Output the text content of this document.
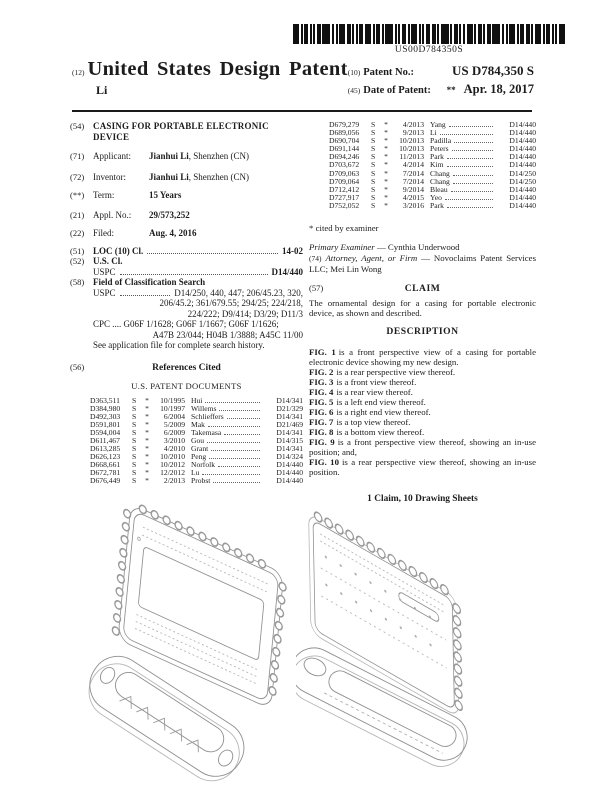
US00D784350S
(12) United States Design Patent
Li
(10) Patent No.:	US D784,350 S
(45) Date of Patent: ** Apr. 18, 2017
(54) CASING FOR PORTABLE ELECTRONIC DEVICE
(71) Applicant:	Jianhui Li, Shenzhen (CN)
(72) Inventor:	Jianhui Li, Shenzhen (CN)
(**) Term:	15 Years
(21) Appl. No.:	29/573,252
(22) Filed:	Aug. 4, 2016
(51) LOC (10) Cl.	14-02
(52) U.S. Cl.
USPC	D14/440
(58) Field of Classification Search
USPC	D14/250, 440, 447; 206/45.23, 320,
206/45.2; 361/679.55; 294/25; 224/218,
224/222; D9/414; D3/29; D11/3
CPC .... G06F 1/1628; G06F 1/1667; G06F 1/1626;
A47B 23/044; H04B 1/3888; A45C 11/00
See application file for complete search history.
(56)	References Cited
U.S. PATENT DOCUMENTS
D363,511	S	*	10/1995 Hui	D14/341
D384,980	S	*	10/1997 Willems	D21/329
D492,303	S	*	6/2004 Schlieffers	D14/341
D591,801	S	*	5/2009 Mak	D21/469
D594,004	S	*	6/2009 Takemasa	D14/341
D611,467	S	*	3/2010 Gou	D14/315
D613,285	S	*	4/2010 Grant	D14/341
D626,123	S	*	10/2010 Peng	D14/324
D668,661	S	*	10/2012 Norfolk	D14/440
D672,781	S	*	12/2012 Lu	D14/440
D676,449	S	*	2/2013 Probst	D14/440
D679,279	S	*	4/2013 Yang	D14/440
D689,056	S	*	9/2013 Li	D14/440
D690,704	S	*	10/2013 Padilla	D14/440
D691,144	S	*	10/2013 Peters	D14/440
D694,246	S	*	11/2013 Park	D14/440
D703,672	S	*	4/2014 Kim	D14/440
D709,063	S	*	7/2014 Chang	D14/250
D709,064	S	*	7/2014 Chang	D14/250
D712,412	S	*	9/2014 Bleau	D14/440
D727,917	S	*	4/2015 Yeo	D14/440
D752,052	S	*	3/2016 Park	D14/440
* cited by examiner
Primary Examiner — Cynthia Underwood
(74) Attorney, Agent, or Firm — Novoclaims Patent Services LLC; Mei Lin Wong
(57)	CLAIM

The ornamental design for a casing for portable electronic device, as shown and described.

DESCRIPTION
FIG. 1 is a front perspective view of a casing for portable electronic device showing my new design.
FIG. 2 is a rear perspective view thereof.
FIG. 3 is a front view thereof.
FIG. 4 is a rear view thereof.
FIG. 5 is a left end view thereof.
FIG. 6 is a right end view thereof.
FIG. 7 is a top view thereof.
FIG. 8 is a bottom view thereof.
FIG. 9 is a front perspective view thereof, showing an in-use position; and,
FIG. 10 is a rear perspective view thereof, showing an in-use position.
1 Claim, 10 Drawing Sheets
